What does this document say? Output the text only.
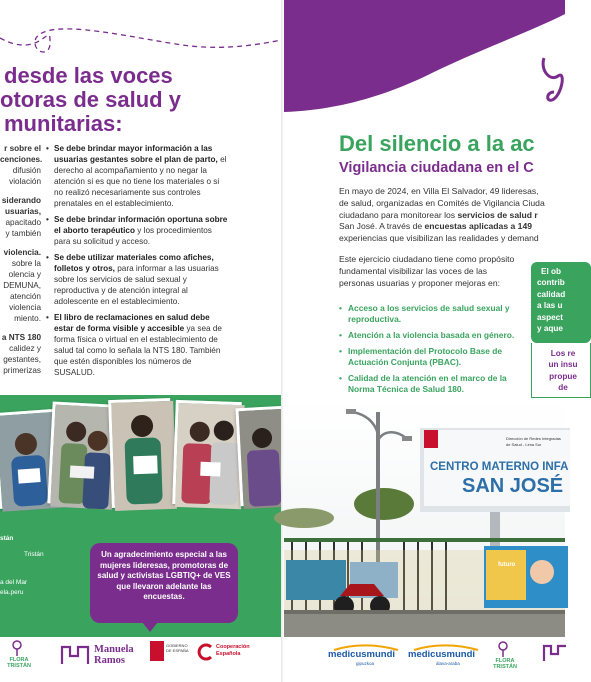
desde las voces
otoras de salud y
munitarias:
r sobre el
cenciones.
difusión
violación
siderando
usuarias,
apacitado
y también
violencia.
sobre la
olencia y
DEMUNA,
atención
violencia
miento.
a NTS 180
calidez y
gestantes,
primerizas
• Se debe brindar mayor información a las usuarias gestantes sobre el plan de parto, el derecho al acompañamiento y no negar la atención si es que no tiene los materiales o si no realizó necesariamente sus controles prenatales en el establecimiento.
• Se debe brindar información oportuna sobre el aborto terapéutico y los procedimientos para su solicitud y acceso.
• Se debe utilizar materiales como afiches, folletos y otros, para informar a las usuarias sobre los servicios de salud sexual y reproductiva y de atención integral al adolescente en el establecimiento.
• El libro de reclamaciones en salud debe estar de forma visible y accesible ya sea de forma física o virtual en el establecimiento de salud tal como lo señala la NTS 180. También que estén disponibles los números de SUSALUD.
stán
Tristán
a del Mar
ela.peru
Un agradecimiento especial a las mujeres lideresas, promotoras de salud y activistas LGBTIQ+ de VES que llevaron adelante las encuestas.
FLORA TRISTÁN
Manuela Ramos
GOBIERNO DE ESPAÑA
Cooperación Española
Del silencio a la ac
Vigilancia ciudadana en el C
En mayo de 2024, en Villa El Salvador, 49 lideresas,
de salud, organizadas en Comités de Vigilancia Ciuda
ciudadano para monitorear los servicios de salud r
San José. A través de encuestas aplicadas a 149
experiencias que visibilizan las realidades y demand
Este ejercicio ciudadano tiene como propósito fundamental visibilizar las voces de las personas usuarias y proponer mejoras en:
• Acceso a los servicios de salud sexual y reproductiva.
• Atención a la violencia basada en género.
• Implementación del Protocolo Base de Actuación Conjunta (PBAC).
• Calidad de la atención en el marco de la Norma Técnica de Salud 180.
El ob
contrib
calidad
a las u
aspect
y aque
Los re
un insu
propue
de
Dirección de Redes Integradas
de Salud - Lima Sur
CENTRO MATERNO INFA
SAN JOSÉ
futuro
medicusmundi
gipuzkoa
medicusmundi
álava-araba	FLORA TRISTÁN
